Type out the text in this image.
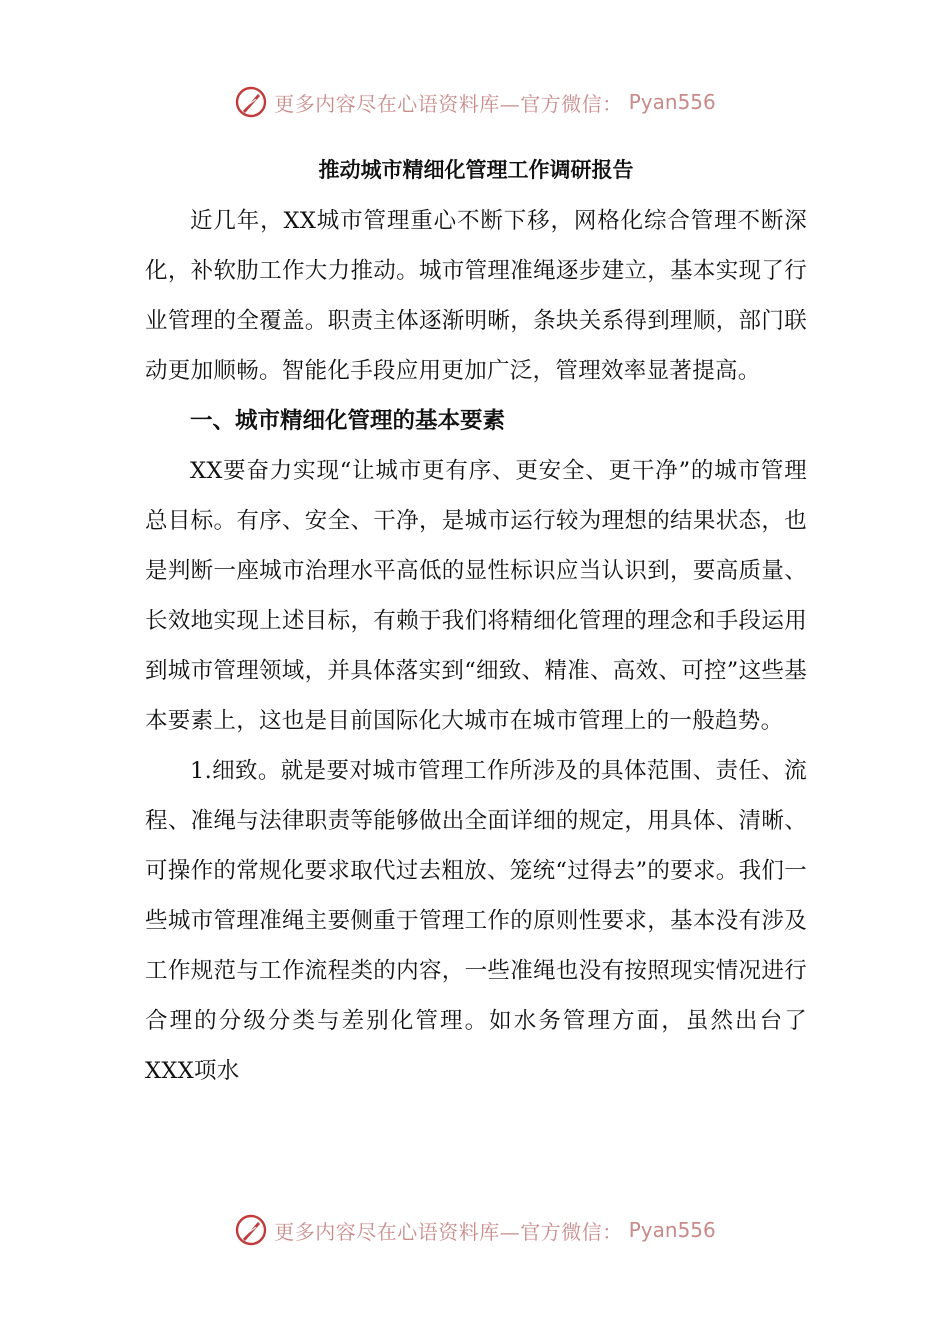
更多内容尽在心语资料库—官方微信： Pyan556
推动城市精细化管理工作调研报告

近几年，XX城市管理重心不断下移，网格化综合管理不断深化，补软肋工作大力推动。城市管理准绳逐步建立，基本实现了行业管理的全覆盖。职责主体逐渐明晰，条块关系得到理顺，部门联动更加顺畅。智能化手段应用更加广泛，管理效率显著提高。

一、城市精细化管理的基本要素

XX要奋力实现“让城市更有序、更安全、更干净”的城市管理总目标。有序、安全、干净，是城市运行较为理想的结果状态，也是判断一座城市治理水平高低的显性标识应当认识到，要高质量、长效地实现上述目标，有赖于我们将精细化管理的理念和手段运用到城市管理领域，并具体落实到“细致、精准、高效、可控”这些基本要素上，这也是目前国际化大城市在城市管理上的一般趋势。

1.细致。就是要对城市管理工作所涉及的具体范围、责任、流程、准绳与法律职责等能够做出全面详细的规定，用具体、清晰、可操作的常规化要求取代过去粗放、笼统“过得去”的要求。我们一些城市管理准绳主要侧重于管理工作的原则性要求，基本没有涉及工作规范与工作流程类的内容，一些准绳也没有按照现实情况进行合理的分级分类与差别化管理。如水务管理方面，虽然出台了XXX项水

更多内容尽在心语资料库—官方微信： Pyan556
